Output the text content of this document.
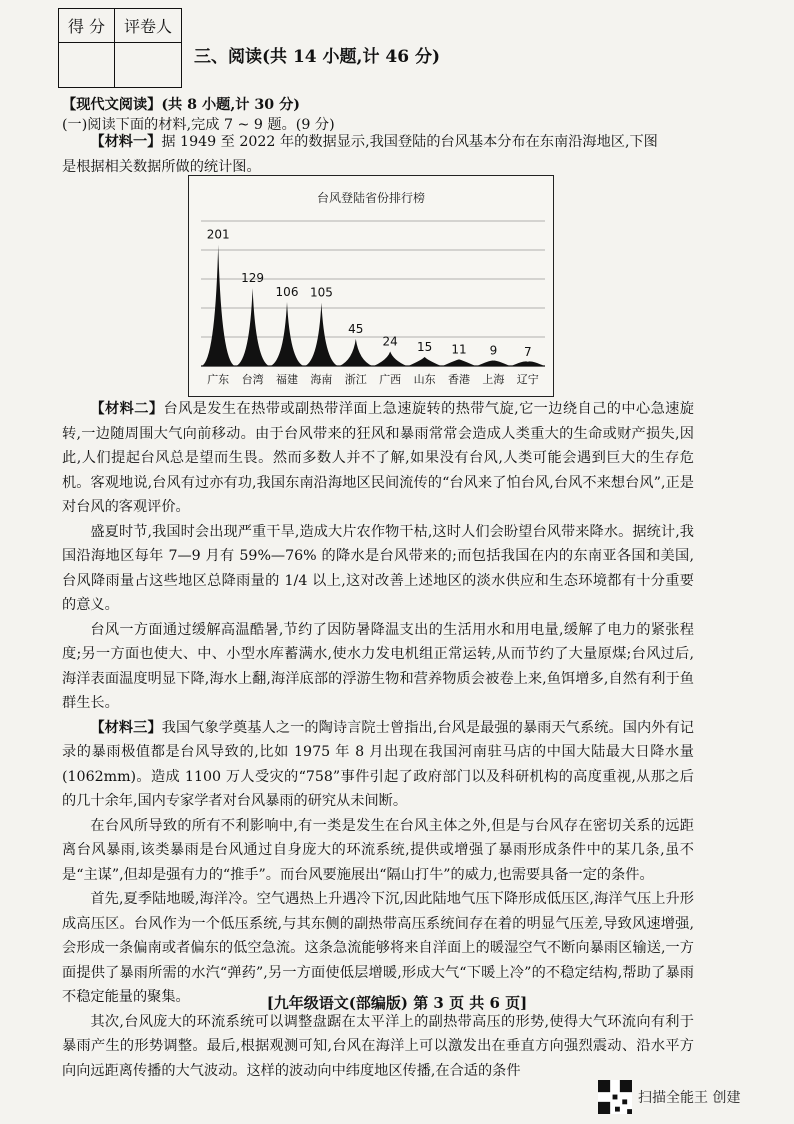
得 分	评卷人
三、阅读(共 14 小题,计 46 分)
【现代文阅读】(共 8 小题,计 30 分)
(一)阅读下面的材料,完成 7 ~ 9 题。(9 分)

【材料一】据 1949 至 2022 年的数据显示,我国登陆的台风基本分布在东南沿海地区,下图

是根据相关数据所做的统计图。

台风登陆省份排行榜
201
广东
129
台湾
106
福建
105
海南
45
浙江
24
广西
15
山东
11
香港
9
上海
7
辽宁

【材料二】台风是发生在热带或副热带洋面上急速旋转的热带气旋,它一边绕自己的中心急速旋转,一边随周围大气向前移动。由于台风带来的狂风和暴雨常常会造成人类重大的生命或财产损失,因此,人们提起台风总是望而生畏。然而多数人并不了解,如果没有台风,人类可能会遇到巨大的生存危机。客观地说,台风有过亦有功,我国东南沿海地区民间流传的“台风来了怕台风,台风不来想台风”,正是对台风的客观评价。

盛夏时节,我国时会出现严重干旱,造成大片农作物干枯,这时人们会盼望台风带来降水。据统计,我国沿海地区每年 7—9 月有 59%—76% 的降水是台风带来的;而包括我国在内的东南亚各国和美国,台风降雨量占这些地区总降雨量的 1/4 以上,这对改善上述地区的淡水供应和生态环境都有十分重要的意义。

台风一方面通过缓解高温酷暑,节约了因防暑降温支出的生活用水和用电量,缓解了电力的紧张程度;另一方面也使大、中、小型水库蓄满水,使水力发电机组正常运转,从而节约了大量原煤;台风过后,海洋表面温度明显下降,海水上翻,海洋底部的浮游生物和营养物质会被卷上来,鱼饵增多,自然有利于鱼群生长。

【材料三】我国气象学奠基人之一的陶诗言院士曾指出,台风是最强的暴雨天气系统。国内外有记录的暴雨极值都是台风导致的,比如 1975 年 8 月出现在我国河南驻马店的中国大陆最大日降水量(1062mm)。造成 1100 万人受灾的“758”事件引起了政府部门以及科研机构的高度重视,从那之后的几十余年,国内专家学者对台风暴雨的研究从未间断。

在台风所导致的所有不利影响中,有一类是发生在台风主体之外,但是与台风存在密切关系的远距离台风暴雨,该类暴雨是台风通过自身庞大的环流系统,提供或增强了暴雨形成条件中的某几条,虽不是“主谋”,但却是强有力的“推手”。而台风要施展出“隔山打牛”的威力,也需要具备一定的条件。

首先,夏季陆地暖,海洋冷。空气遇热上升遇冷下沉,因此陆地气压下降形成低压区,海洋气压上升形成高压区。台风作为一个低压系统,与其东侧的副热带高压系统间存在着的明显气压差,导致风速增强,会形成一条偏南或者偏东的低空急流。这条急流能够将来自洋面上的暖湿空气不断向暴雨区输送,一方面提供了暴雨所需的水汽“弹药”,另一方面使低层增暖,形成大气“下暖上冷”的不稳定结构,帮助了暴雨不稳定能量的聚集。

其次,台风庞大的环流系统可以调整盘踞在太平洋上的副热带高压的形势,使得大气环流向有利于暴雨产生的形势调整。最后,根据观测可知,台风在海洋上可以激发出在垂直方向强烈震动、沿水平方向向远距离传播的大气波动。这样的波动向中纬度地区传播,在合适的条件

[九年级语文(部编版) 第 3 页 共 6 页]
扫描全能王 创建
